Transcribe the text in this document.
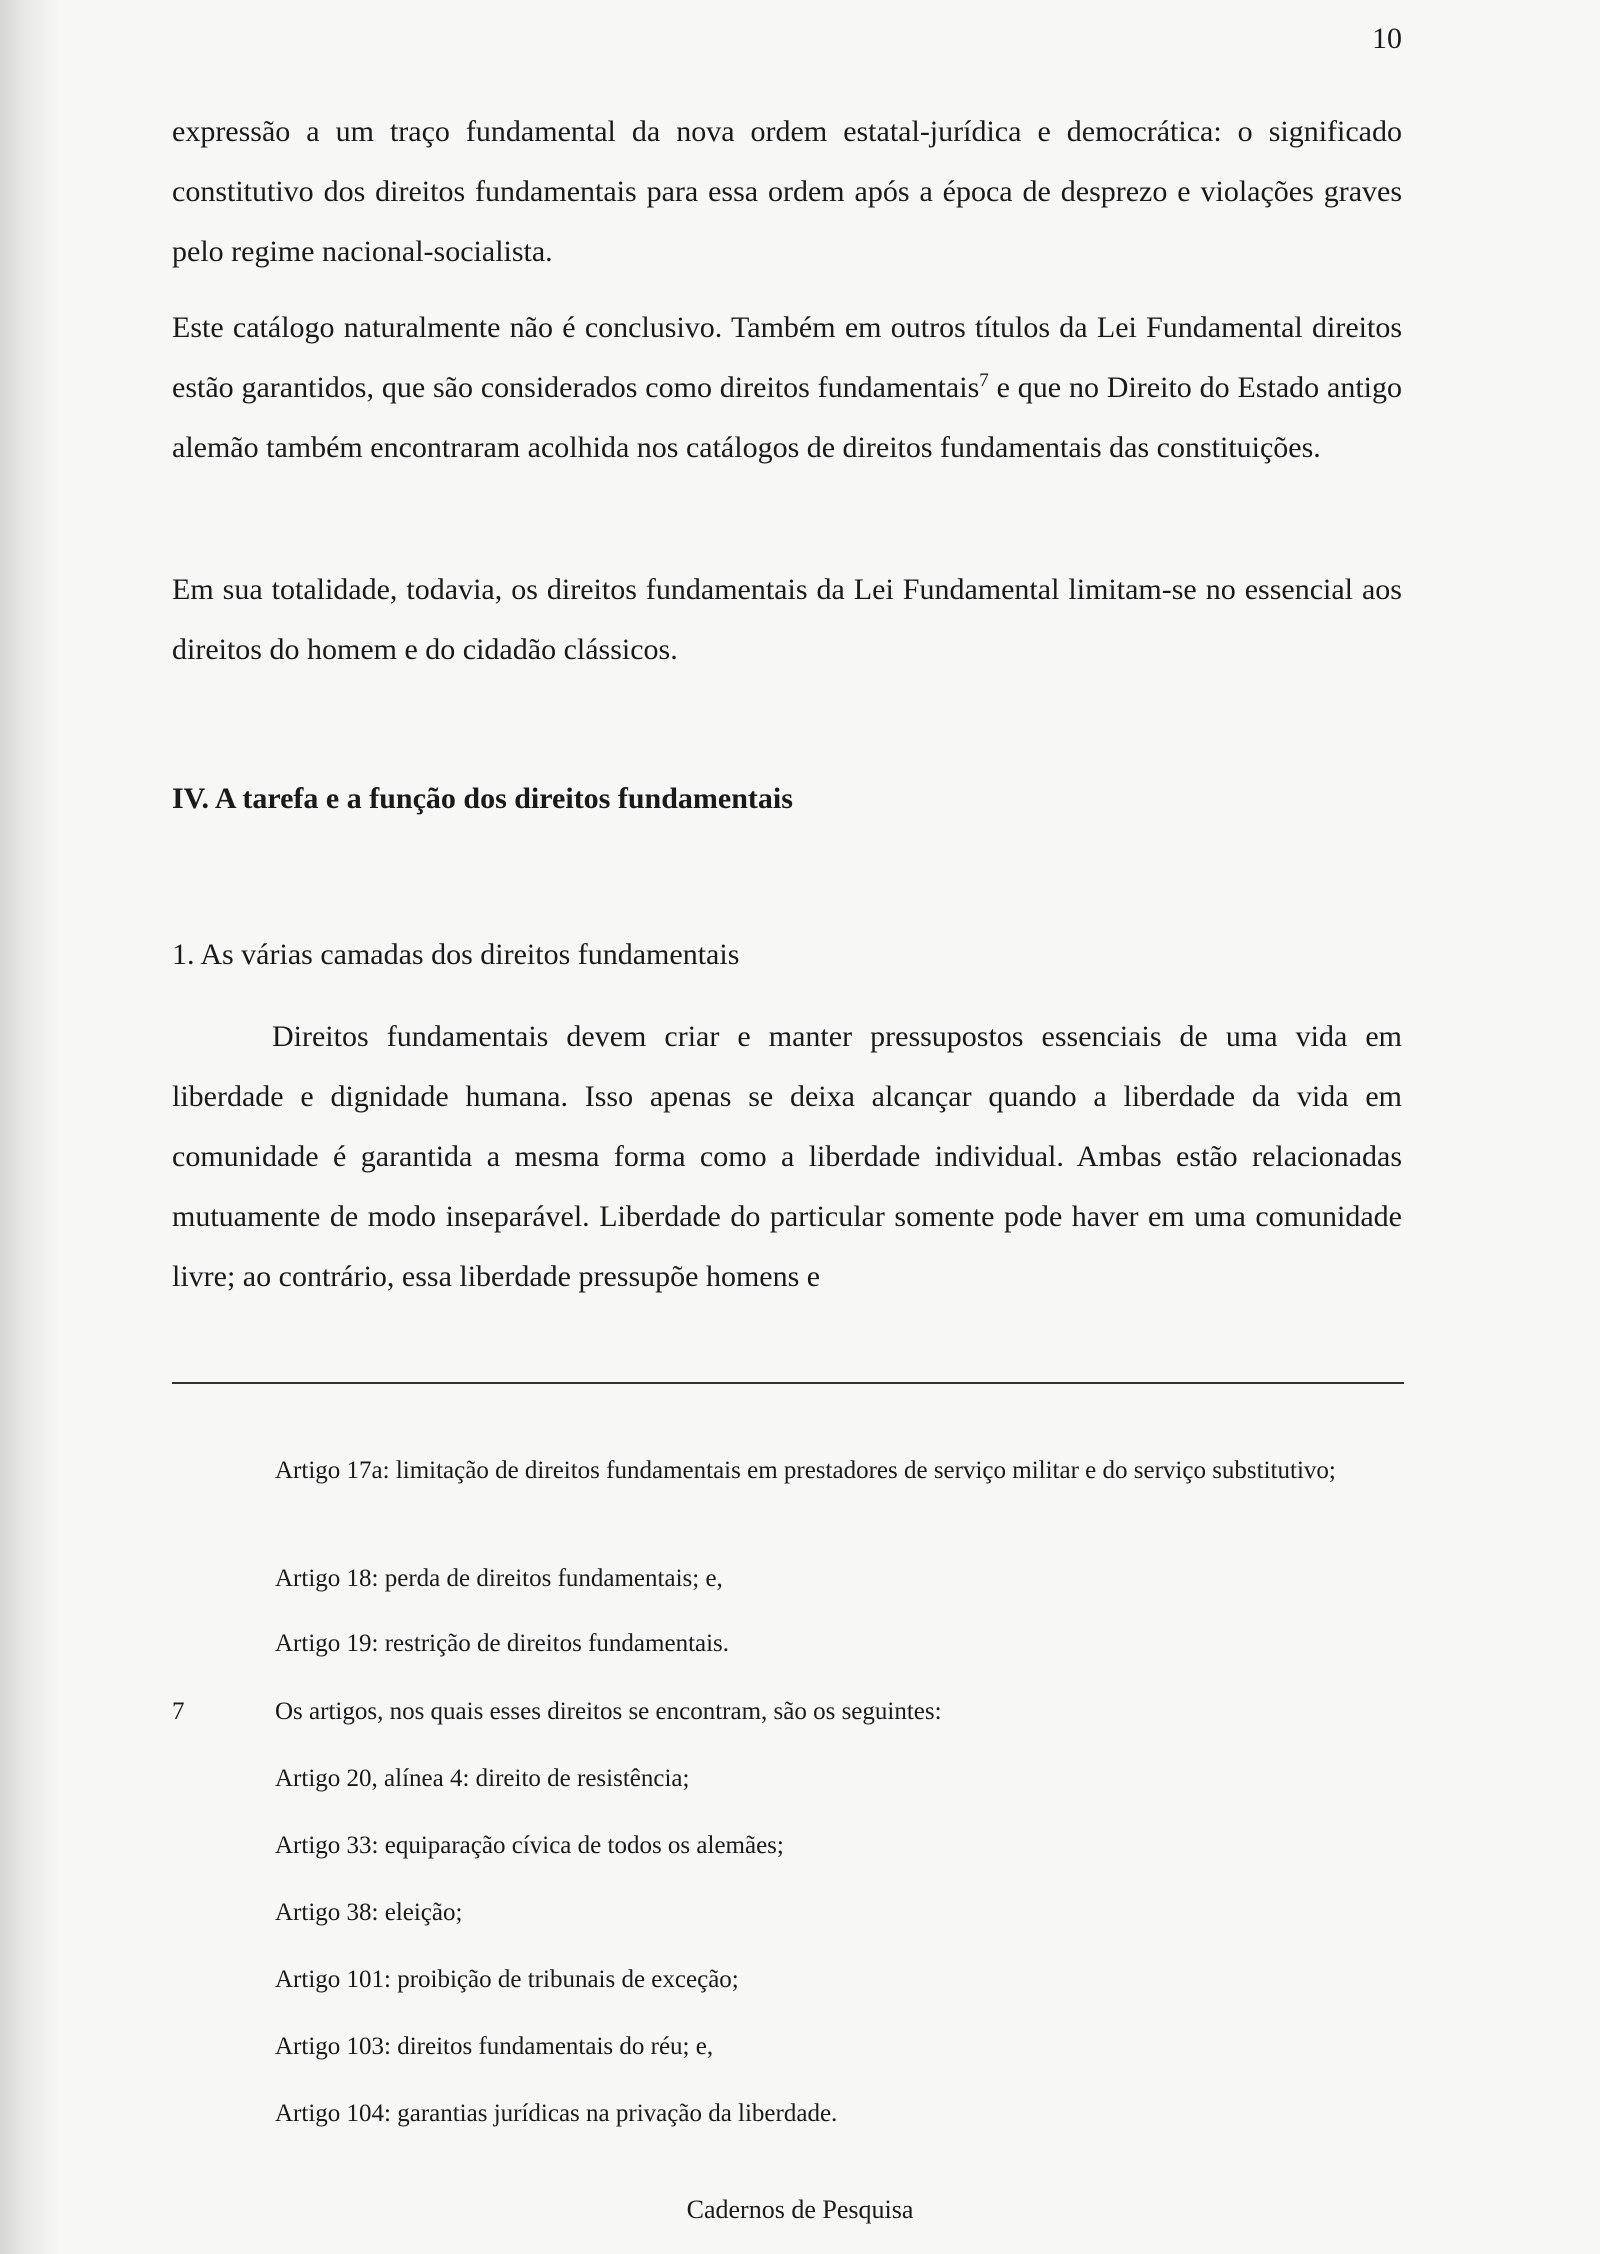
10
expressão a um traço fundamental da nova ordem estatal-jurídica e democrática: o significado constitutivo dos direitos fundamentais para essa ordem após a época de desprezo e violações graves pelo regime nacional-socialista.
Este catálogo naturalmente não é conclusivo. Também em outros títulos da Lei Fundamental direitos estão garantidos, que são considerados como direitos fundamentais$^7$ e que no Direito do Estado antigo alemão também encontraram acolhida nos catálogos de direitos fundamentais das constituições.
Em sua totalidade, todavia, os direitos fundamentais da Lei Fundamental limitam-se no essencial aos direitos do homem e do cidadão clássicos.
IV. A tarefa e a função dos direitos fundamentais
1. As várias camadas dos direitos fundamentais
Direitos fundamentais devem criar e manter pressupostos essenciais de uma vida em liberdade e dignidade humana. Isso apenas se deixa alcançar quando a liberdade da vida em comunidade é garantida a mesma forma como a liberdade individual. Ambas estão relacionadas mutuamente de modo inseparável. Liberdade do particular somente pode haver em uma comunidade livre; ao contrário, essa liberdade pressupõe homens e
Artigo 17a: limitação de direitos fundamentais em prestadores de serviço militar e do serviço substitutivo;
Artigo 18: perda de direitos fundamentais; e,
Artigo 19: restrição de direitos fundamentais.
7	Os artigos, nos quais esses direitos se encontram, são os seguintes:
Artigo 20, alínea 4: direito de resistência;
Artigo 33: equiparação cívica de todos os alemães;
Artigo 38: eleição;
Artigo 101: proibição de tribunais de exceção;
Artigo 103: direitos fundamentais do réu; e,
Artigo 104: garantias jurídicas na privação da liberdade.
Cadernos de Pesquisa
